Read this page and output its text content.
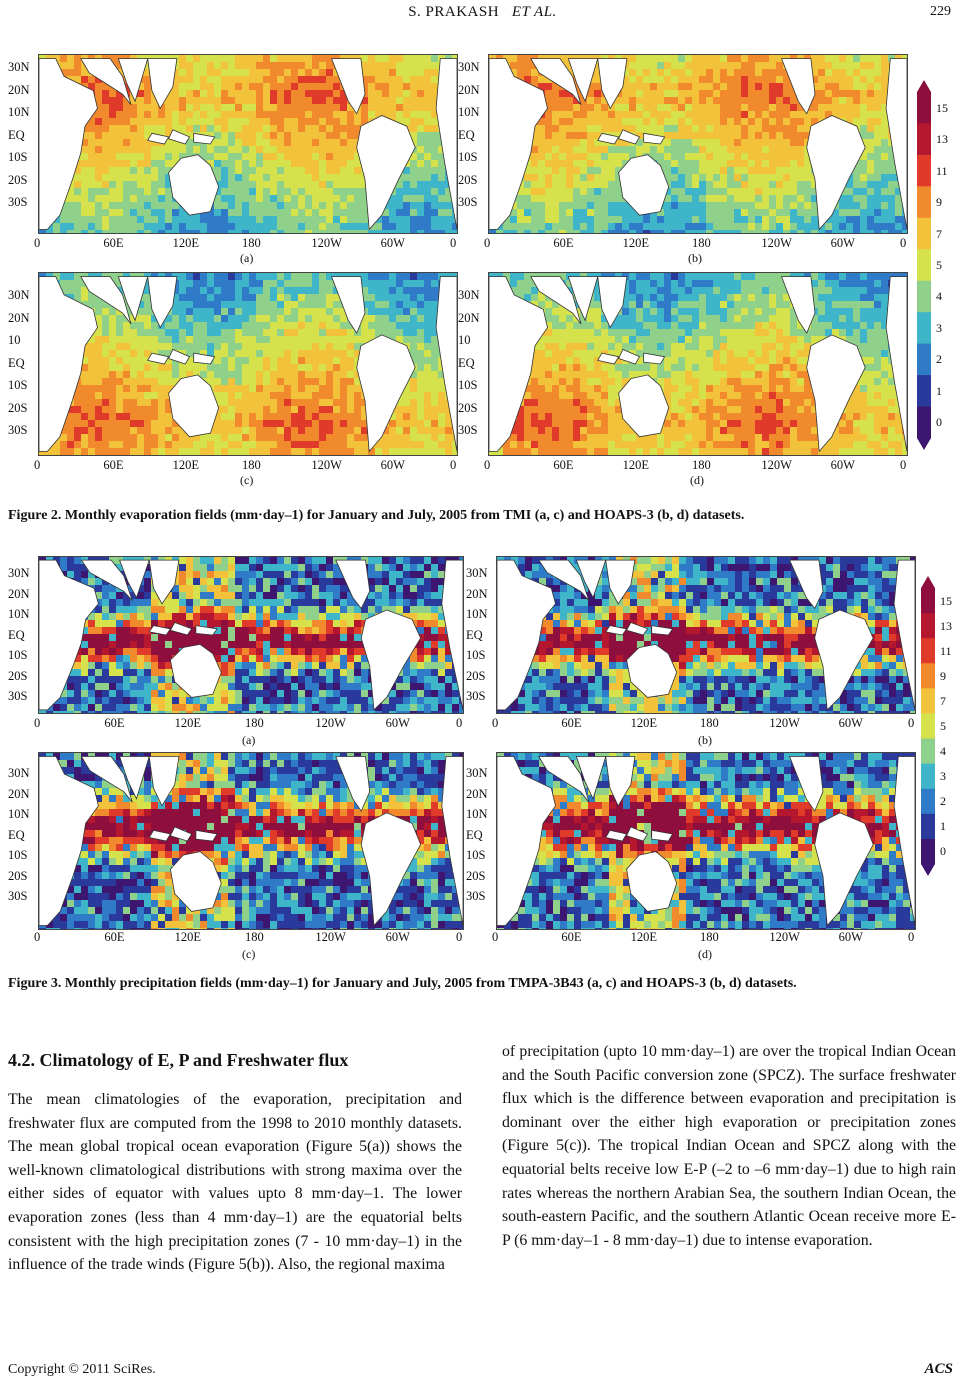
S. PRAKASH ET AL.	229
30N
20N
10N
EQ
10S
20S
30S
0	60E	120E	180	120W	60W	0
(a)
30N
20N
10N
EQ
10S
20S
30S
0	60E	120E	180	120W	60W	0
(b)
30N
20N
10
EQ
10S
20S
30S
0	60E	120E	180	120W	60W	0
(c)
30N
20N
10
EQ
10S
20S
30S
0	60E	120E	180	120W	60W	0
(d)
15
13
11
9
7
5
4
3
2
1
0
Figure 2. Monthly evaporation fields (mm·day–1) for January and July, 2005 from TMI (a, c) and HOAPS-3 (b, d) datasets.
30N
20N
10N
EQ
10S
20S
30S
0	60E	120E	180	120W	60W	0
(a)
30N
20N
10N
EQ
10S
20S
30S
0	60E	120E	180	120W	60W	0
(b)
30N
20N
10N
EQ
10S
20S
30S
0	60E	120E	180	120W	60W	0
(c)
30N
20N
10N
EQ
10S
20S
30S
0	60E	120E	180	120W	60W	0
(d)
15
13
11
9
7
5
4
3
2
1
0
Figure 3. Monthly precipitation fields (mm·day–1) for January and July, 2005 from TMPA-3B43 (a, c) and HOAPS-3 (b, d) datasets.
4.2. Climatology of E, P and Freshwater flux
The mean climatologies of the evaporation, precipitation and freshwater flux are computed from the 1998 to 2010 monthly datasets. The mean global tropical ocean evaporation (Figure 5(a)) shows the well-known climatological distributions with strong maxima over the either sides of equator with values upto 8 mm·day–1. The lower evaporation zones (less than 4 mm·day–1) are the equatorial belts consistent with the high precipitation zones (7 - 10 mm·day–1) in the influence of the trade winds (Figure 5(b)). Also, the regional maxima
of precipitation (upto 10 mm·day–1) are over the tropical Indian Ocean and the South Pacific conversion zone (SPCZ). The surface freshwater flux which is the difference between evaporation and precipitation is dominant over the either high evaporation or precipitation zones (Figure 5(c)). The tropical Indian Ocean and SPCZ along with the equatorial belts receive low E-P (–2 to –6 mm·day–1) due to high rain rates whereas the northern Arabian Sea, the southern Indian Ocean, the south-eastern Pacific, and the southern Atlantic Ocean receive more E-P (6 mm·day–1 - 8 mm·day–1) due to intense evaporation.
Copyright © 2011 SciRes.	ACS
